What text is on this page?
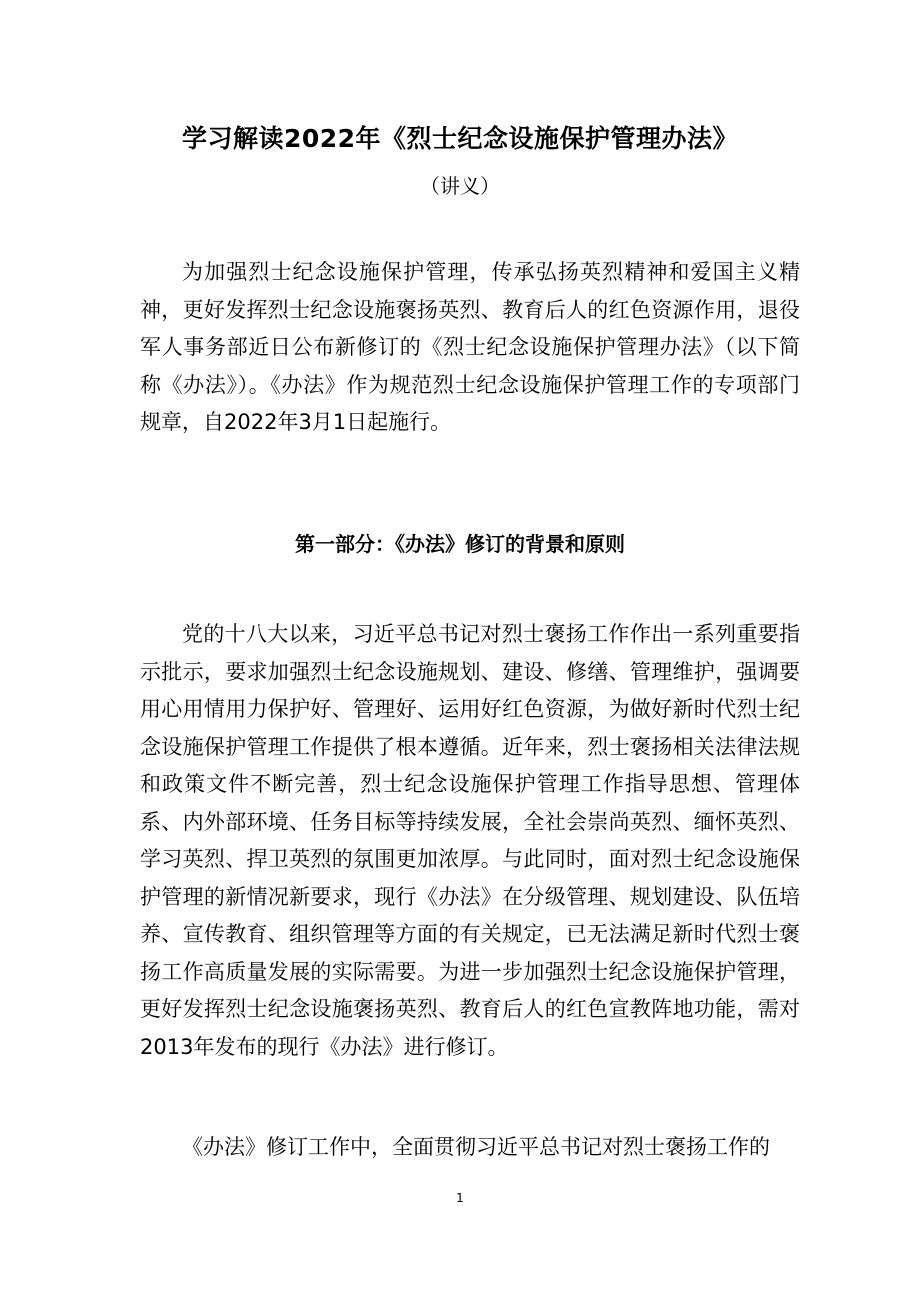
学习解读2022年《烈士纪念设施保护管理办法》
（讲义）

为加强烈士纪念设施保护管理，传承弘扬英烈精神和爱国主义精神，更好发挥烈士纪念设施褒扬英烈、教育后人的红色资源作用，退役军人事务部近日公布新修订的《烈士纪念设施保护管理办法》（以下简称《办法》）。《办法》作为规范烈士纪念设施保护管理工作的专项部门规章，自2022年3月1日起施行。

第一部分：《办法》修订的背景和原则

党的十八大以来，习近平总书记对烈士褒扬工作作出一系列重要指示批示，要求加强烈士纪念设施规划、建设、修缮、管理维护，强调要用心用情用力保护好、管理好、运用好红色资源，为做好新时代烈士纪念设施保护管理工作提供了根本遵循。近年来，烈士褒扬相关法律法规和政策文件不断完善，烈士纪念设施保护管理工作指导思想、管理体系、内外部环境、任务目标等持续发展，全社会崇尚英烈、缅怀英烈、学习英烈、捍卫英烈的氛围更加浓厚。与此同时，面对烈士纪念设施保护管理的新情况新要求，现行《办法》在分级管理、规划建设、队伍培养、宣传教育、组织管理等方面的有关规定，已无法满足新时代烈士褒扬工作高质量发展的实际需要。为进一步加强烈士纪念设施保护管理，更好发挥烈士纪念设施褒扬英烈、教育后人的红色宣教阵地功能，需对2013年发布的现行《办法》进行修订。

《办法》修订工作中，全面贯彻习近平总书记对烈士褒扬工作的

1
